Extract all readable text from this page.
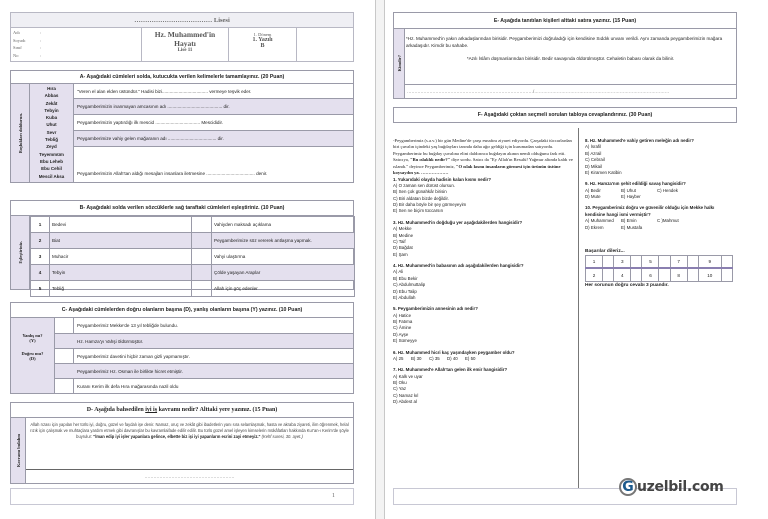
……………………………… Lisesi
Adı	:
Soyadı	:
Sınıf	:
No	:
Hz. Muhammed'in
Hayatı
Lise 11
1. Dönem
1. Yazılı
B
A- Aşağıdaki cümleleri solda, kutucukta verilen kelimelerle tamamlayınız. (20 Puan)
Boşlukları doldurun.
Hıra
Abbas
Zekât
Tebyin
Kuba
Uhut
Sevr
Tebliğ
Zeyd
Teyemmüm
Ebu Leheb
Ebu Cehil
Mescil Aksa
"Veren el alan elden üstündür." Hadisi bizi.................................... vermeye teşvik eder.
Peygamberimizin inanmayan amcasının adı ........................................... dir.
Peygamberimizin yaptırdığı ilk mescid ................................... Mescididir.
Peygamberimize vahiy gelen mağaranın adı ...................................... dir.
Peygamberimizin Allah'tan aldığı mesajları insanlara iletmesine ...................................... denir.
B- Aşağıdaki solda verilen sözcüklerle sağ taraftaki cümleleri eşleştiriniz. (10 Puan)
Eşleştiriniz.
1	Bedevi		Vahiyden maksadı açıklama
2	Biat		Peygamberimize söz vererek antlaşma yapmak.
3	Muhacir		Vahyi ulaştırma
4	Tebyin		Çölde yaşayan Araplar
5	Tebliğ		Allah için göç edenler
C- Aşağıdaki cümlelerden doğru olanların başına (D), yanlış olanların başına (Y) yazınız. (10 Puan)
Yanlış mı?
(Y)
Doğru mu?
(D)
Peygamberimiz Mekke'de 13 yıl tebliğde bulundu.
Hz. Hamza'yı Vahşi öldürmüştür.
Peygamberimiz davetini hiçbir zaman gizli yapmamıştır.
Peygamberimiz Hz. Osman ile birlikte hicret etmiştir.
Kuranı Kerim ilk defa Hıra mağarasında nazil oldu
D- Aşağıda bahsedilen iyi iş kavramı nedir? Alttaki yere yazınız. (15 Puan)
Kavramı bulalım
Allah rızası için yapılan her türlü iyi, doğru, güzel ve faydalı işe denir. Namaz, oruç ve zekât gibi ibadetlerin yanı sıra selamlaşmak, hasta ve akraba ziyareti, ilim öğrenmek, helal rızık için çalışmak ve muhtaçlara yardım etmek gibi davranışlar bu kavramlaifade edilir edilir. Bu türlü güzel amel işleyen kimselerin mükâfatları hakkında Kur'an-ı Kerim'de şöyle buyrulur: "İman edip iyi işler yapanlara gelince, elbette biz işi iyi yapanların ecrini zayi etmeyiz." (Kehf suresi, 30. ayet.)
……………………………………………………
1
E- Aşağıda tanıtılan kişileri alttaki satıra yazınız. (15 Puan)
Kimdir?
*Hz. Muhammed'in yakın arkadaşlarından birisidir. Peygamberimizi doğruladığı için kendisine Sıddık unvanı verildi. Aynı zamanda peygamberimizin mağara arkadaşıdır. Kimdir bu sahabe.
*Azılı İslâm düşmanlarından birisidir. Bedir savaşında öldürülmüştür. Cehaletin babası olarak da bilinir.
…………………………………………………………………………/………………………………………………………………………………
F- Aşağıdaki çoktan seçmeli soruları tabloya cevaplandırınız. (30 Puan)
-Peygamberimiz (s.a.v.) bir gün Medine'de çarşı esnafını ziyaret ediyordu. Çarşıdaki tüccarlardan biri çuvalın içindeki yaş buğdayları tarında daha ağır geldiği için kurumadan satıyordu. Peygamberimiz bu buğday çuvalına elini daldırınca buğdayın akının nemli olduğunu fark etti. Satıcıya, "Bu ıslaklık nedir?" diye sordu. Satıcı da "Ey Allah'ın Resulü! Yağmur altında kaldı ve ıslandı." deyince Peygamberimiz, "O ıslak kısmı insanların görmesi için ürünün üstüne koysaydın ya. ………………
1. Yukarıdaki olayda hadisin kalan kısmı nedir?
A) O zaman sen dürüst olursun.
B) Sen çok günahkâr birisin
C) Biri aldatan bizde değildir.
D) Bir daha böyle bir şey görmeyeyim
E) Sen ne biçim tüccarsın
3. Hz. Muhammed'in doğduğu yer aşağıdakilerden hangisidir?
A) Mekke
B) Medine
C) Taif
D) Bağdat
E) Şam
4. Hz. Muhammed'in babasının adı aşağıdakilerden hangisidir?
A) Ali
B) Ebu Bekir
C) Abdulmuttalip
D) Ebu Talip
E) Abdullah
5. Peygamberimizin annesinin adı nedir?
A) Hatice
B) Fatıma
C) Âmine
D) Ayşe
E) Sümeyye
6. Hz. Muhammed hicri kaç yaşındayken peygamber oldu?
A) 25	B) 30	C) 35	D) 40	E) 50
7. Hz. Muhammed'e Allah'tan gelen ilk emir hangisidir?
A) Kalk ve uyar
B) Oku
C) Yaz
C) Namaz kıl
D) Abdest al
8. Hz. Muhammed'e vahiy getiren meleğin adı nedir?
A) İsrafil
B) Azrail
C) Cebrail
D) Mikail
E) Kiramen Katibin
9. Hz. Hamza'nın şehit edildiği savaş hangisidir?
A) Bedir	B) Uhut	C) Hendek
D) Mute	E) Hayber
10. Peygamberimiz doğru ve güvenilir olduğu için Mekke halkı kendisine hangi ismi vermiştir?
A) Muhammed	B) Emin	C )Mahmut
D) Ekrem	E) Mustafa
Başarılar dileriz...
1		3		5		7		9	
2		4		6		8		10	
Her sorunun doğru cevabı 3 puandır.
G uzelbil.com
